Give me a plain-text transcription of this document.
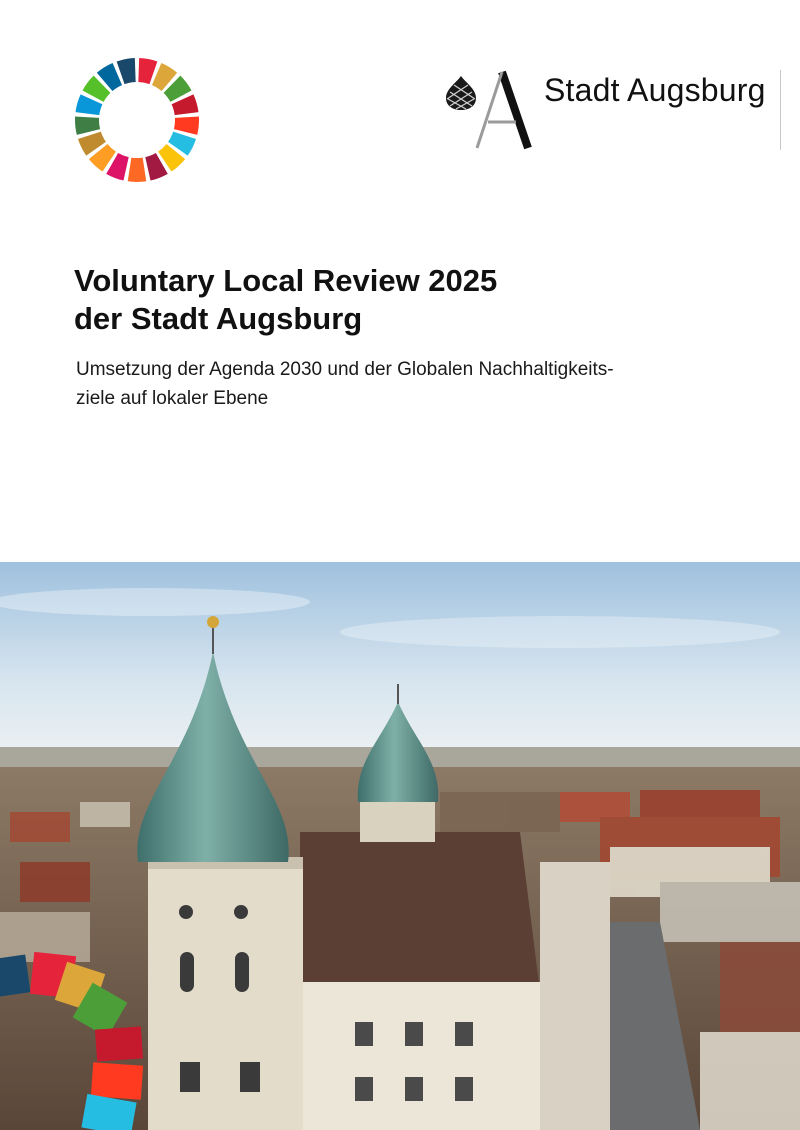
Stadt Augsburg
Voluntary Local Review 2025
der Stadt Augsburg
Umsetzung der Agenda 2030 und der Globalen Nachhaltigkeits-
ziele auf lokaler Ebene
